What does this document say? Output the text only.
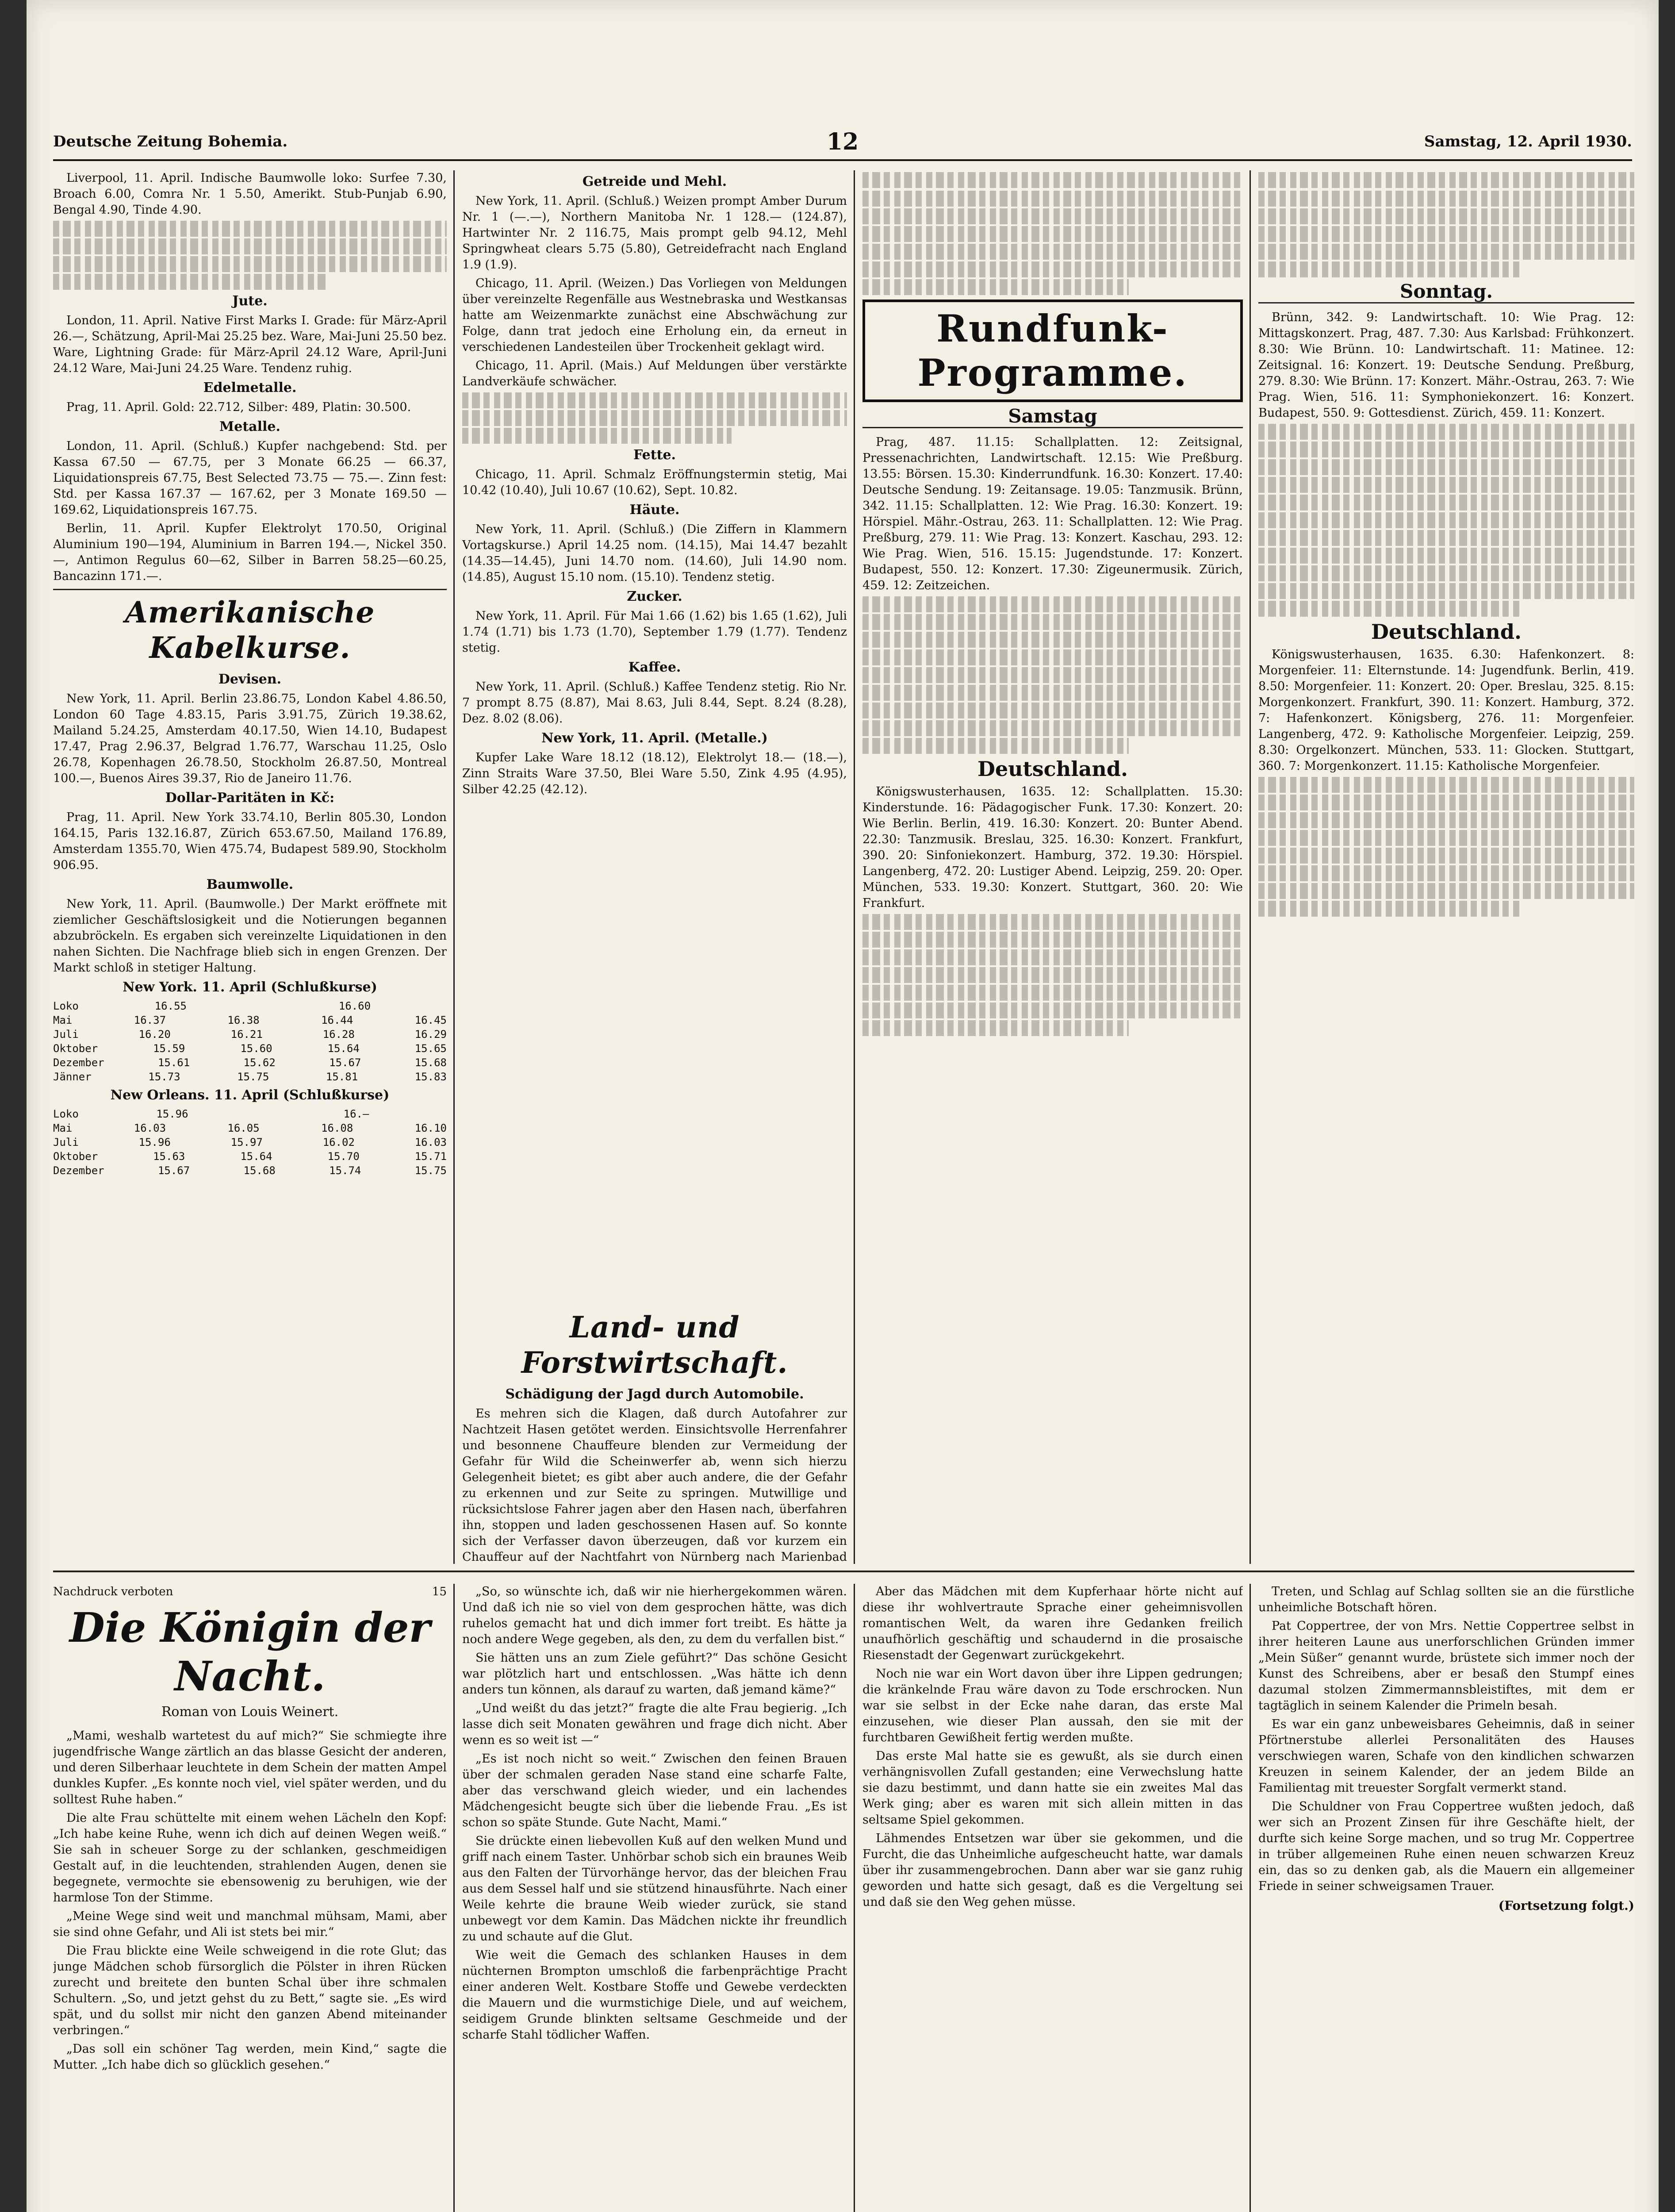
Deutsche Zeitung Bohemia.	12	Samstag, 12. April 1930.

Liverpool, 11. April. Indische Baumwolle loko: Surfee 7.30, Broach 6.00, Comra Nr. 1 5.50, Amerikt. Stub-Punjab 6.90, Bengal 4.90, Tinde 4.90.

Jute.

London, 11. April. Native First Marks I. Grade: für März-April 26.—, Schätzung, April-Mai 25.25 bez. Ware, Mai-Juni 25.50 bez. Ware, Lightning Grade: für März-April 24.12 Ware, April-Juni 24.12 Ware, Mai-Juni 24.25 Ware. Tendenz ruhig.

Edelmetalle.

Prag, 11. April. Gold: 22.712, Silber: 489, Platin: 30.500.

Metalle.

London, 11. April. (Schluß.) Kupfer nachgebend: Std. per Kassa 67.50 — 67.75, per 3 Monate 66.25 — 66.37, Liquidationspreis 67.75, Best Selected 73.75 — 75.—. Zinn fest: Std. per Kassa 167.37 — 167.62, per 3 Monate 169.50 — 169.62, Liquidationspreis 167.75.

Berlin, 11. April. Kupfer Elektrolyt 170.50, Original Aluminium 190—194, Aluminium in Barren 194.—, Nickel 350.—, Antimon Regulus 60—62, Silber in Barren 58.25—60.25, Bancazinn 171.—.

Amerikanische Kabelkurse.
Devisen.

New York, 11. April. Berlin 23.86.75, London Kabel 4.86.50, London 60 Tage 4.83.15, Paris 3.91.75, Zürich 19.38.62, Mailand 5.24.25, Amsterdam 40.17.50, Wien 14.10, Budapest 17.47, Prag 2.96.37, Belgrad 1.76.77, Warschau 11.25, Oslo 26.78, Kopenhagen 26.78.50, Stockholm 26.87.50, Montreal 100.—, Buenos Aires 39.37, Rio de Janeiro 11.76.

Dollar-Paritäten in Kč:

Prag, 11. April. New York 33.74.10, Berlin 805.30, London 164.15, Paris 132.16.87, Zürich 653.67.50, Mailand 176.89, Amsterdam 1355.70, Wien 475.74, Budapest 589.90, Stockholm 906.95.

Baumwolle.

New York, 11. April. (Baumwolle.) Der Markt eröffnete mit ziemlicher Geschäftslosigkeit und die Notierungen begannen abzubröckeln. Es ergaben sich vereinzelte Liquidationen in den nahen Sichten. Die Nachfrage blieb sich in engen Grenzen. Der Markt schloß in stetiger Haltung.

New York. 11. April (Schlußkurse)
Loko	16.55	16.60
Mai	16.37	16.38	16.44	16.45
Juli	16.20	16.21	16.28	16.29
Oktober	15.59	15.60	15.64	15.65
Dezember	15.61	15.62	15.67	15.68
Jänner	15.73	15.75	15.81	15.83
New Orleans. 11. April (Schlußkurse)
Loko	15.96	16.—
Mai	16.03	16.05	16.08	16.10
Juli	15.96	15.97	16.02	16.03
Oktober	15.63	15.64	15.70	15.71
Dezember	15.67	15.68	15.74	15.75
Getreide und Mehl.

New York, 11. April. (Schluß.) Weizen prompt Amber Durum Nr. 1 (—.—), Northern Manitoba Nr. 1 128.— (124.87), Hartwinter Nr. 2 116.75, Mais prompt gelb 94.12, Mehl Springwheat clears 5.75 (5.80), Getreidefracht nach England 1.9 (1.9).

Chicago, 11. April. (Weizen.) Das Vorliegen von Meldungen über vereinzelte Regenfälle aus Westnebraska und Westkansas hatte am Weizenmarkte zunächst eine Abschwächung zur Folge, dann trat jedoch eine Erholung ein, da erneut in verschiedenen Landesteilen über Trockenheit geklagt wird.

Chicago, 11. April. (Mais.) Auf Meldungen über verstärkte Landverkäufe schwächer.

Fette.

Chicago, 11. April. Schmalz Eröffnungstermin stetig, Mai 10.42 (10.40), Juli 10.67 (10.62), Sept. 10.82.

Häute.

New York, 11. April. (Schluß.) (Die Ziffern in Klammern Vortagskurse.) April 14.25 nom. (14.15), Mai 14.47 bezahlt (14.35—14.45), Juni 14.70 nom. (14.60), Juli 14.90 nom. (14.85), August 15.10 nom. (15.10). Tendenz stetig.

Zucker.

New York, 11. April. Für Mai 1.66 (1.62) bis 1.65 (1.62), Juli 1.74 (1.71) bis 1.73 (1.70), September 1.79 (1.77). Tendenz stetig.

Kaffee.

New York, 11. April. (Schluß.) Kaffee Tendenz stetig. Rio Nr. 7 prompt 8.75 (8.87), Mai 8.63, Juli 8.44, Sept. 8.24 (8.28), Dez. 8.02 (8.06).

New York, 11. April. (Metalle.)

Kupfer Lake Ware 18.12 (18.12), Elektrolyt 18.— (18.—), Zinn Straits Ware 37.50, Blei Ware 5.50, Zink 4.95 (4.95), Silber 42.25 (42.12).

Land- und Forstwirtschaft.
Schädigung der Jagd durch Automobile.

Es mehren sich die Klagen, daß durch Autofahrer zur Nachtzeit Hasen getötet werden. Einsichtsvolle Herrenfahrer und besonnene Chauffeure blenden zur Vermeidung der Gefahr für Wild die Scheinwerfer ab, wenn sich hierzu Gelegenheit bietet; es gibt aber auch andere, die der Gefahr zu erkennen und zur Seite zu springen. Mutwillige und rücksichtslose Fahrer jagen aber den Hasen nach, überfahren ihn, stoppen und laden geschossenen Hasen auf. So konnte sich der Verfasser davon überzeugen, daß vor kurzem ein Chauffeur auf der Nachtfahrt von Nürnberg nach Marienbad

Rundfunk-Programme.
Samstag

Prag, 487. 11.15: Schallplatten. 12: Zeitsignal, Pressenachrichten, Landwirtschaft. 12.15: Wie Preßburg. 13.55: Börsen. 15.30: Kinderrundfunk. 16.30: Konzert. 17.40: Deutsche Sendung. 19: Zeitansage. 19.05: Tanzmusik. Brünn, 342. 11.15: Schallplatten. 12: Wie Prag. 16.30: Konzert. 19: Hörspiel. Mähr.-Ostrau, 263. 11: Schallplatten. 12: Wie Prag. Preßburg, 279. 11: Wie Prag. 13: Konzert. Kaschau, 293. 12: Wie Prag. Wien, 516. 15.15: Jugendstunde. 17: Konzert. Budapest, 550. 12: Konzert. 17.30: Zigeunermusik. Zürich, 459. 12: Zeitzeichen.

Deutschland.

Königswusterhausen, 1635. 12: Schallplatten. 15.30: Kinderstunde. 16: Pädagogischer Funk. 17.30: Konzert. 20: Wie Berlin. Berlin, 419. 16.30: Konzert. 20: Bunter Abend. 22.30: Tanzmusik. Breslau, 325. 16.30: Konzert. Frankfurt, 390. 20: Sinfoniekonzert. Hamburg, 372. 19.30: Hörspiel. Langenberg, 472. 20: Lustiger Abend. Leipzig, 259. 20: Oper. München, 533. 19.30: Konzert. Stuttgart, 360. 20: Wie Frankfurt.

Sonntag.

Brünn, 342. 9: Landwirtschaft. 10: Wie Prag. 12: Mittagskonzert. Prag, 487. 7.30: Aus Karlsbad: Frühkonzert. 8.30: Wie Brünn. 10: Landwirtschaft. 11: Matinee. 12: Zeitsignal. 16: Konzert. 19: Deutsche Sendung. Preßburg, 279. 8.30: Wie Brünn. 17: Konzert. Mähr.-Ostrau, 263. 7: Wie Prag. Wien, 516. 11: Symphoniekonzert. 16: Konzert. Budapest, 550. 9: Gottesdienst. Zürich, 459. 11: Konzert.

Deutschland.

Königswusterhausen, 1635. 6.30: Hafenkonzert. 8: Morgenfeier. 11: Elternstunde. 14: Jugendfunk. Berlin, 419. 8.50: Morgenfeier. 11: Konzert. 20: Oper. Breslau, 325. 8.15: Morgenkonzert. Frankfurt, 390. 11: Konzert. Hamburg, 372. 7: Hafenkonzert. Königsberg, 276. 11: Morgenfeier. Langenberg, 472. 9: Katholische Morgenfeier. Leipzig, 259. 8.30: Orgelkonzert. München, 533. 11: Glocken. Stuttgart, 360. 7: Morgenkonzert. 11.15: Katholische Morgenfeier.

Nachdruck verboten	15
Die Königin der Nacht.
Roman von Louis Weinert.

„Mami, weshalb wartetest du auf mich?“ Sie schmiegte ihre jugendfrische Wange zärtlich an das blasse Gesicht der anderen, und deren Silberhaar leuchtete in dem Schein der matten Ampel dunkles Kupfer. „Es konnte noch viel, viel später werden, und du solltest Ruhe haben.“

Die alte Frau schüttelte mit einem wehen Lächeln den Kopf: „Ich habe keine Ruhe, wenn ich dich auf deinen Wegen weiß.“ Sie sah in scheuer Sorge zu der schlanken, geschmeidigen Gestalt auf, in die leuchtenden, strahlenden Augen, denen sie begegnete, vermochte sie ebensowenig zu beruhigen, wie der harmlose Ton der Stimme.

„Meine Wege sind weit und manchmal mühsam, Mami, aber sie sind ohne Gefahr, und Ali ist stets bei mir.“

Die Frau blickte eine Weile schweigend in die rote Glut; das junge Mädchen schob fürsorglich die Pölster in ihren Rücken zurecht und breitete den bunten Schal über ihre schmalen Schultern. „So, und jetzt gehst du zu Bett,“ sagte sie. „Es wird spät, und du sollst mir nicht den ganzen Abend miteinander verbringen.“

„Das soll ein schöner Tag werden, mein Kind,“ sagte die Mutter. „Ich habe dich so glücklich gesehen.“

„So, so wünschte ich, daß wir nie hierhergekommen wären. Und daß ich nie so viel von dem gesprochen hätte, was dich ruhelos gemacht hat und dich immer fort treibt. Es hätte ja noch andere Wege gegeben, als den, zu dem du verfallen bist.“

Sie hätten uns an zum Ziele geführt?“ Das schöne Gesicht war plötzlich hart und entschlossen. „Was hätte ich denn anders tun können, als darauf zu warten, daß jemand käme?“

„Und weißt du das jetzt?“ fragte die alte Frau begierig. „Ich lasse dich seit Monaten gewähren und frage dich nicht. Aber wenn es so weit ist —“

„Es ist noch nicht so weit.“ Zwischen den feinen Brauen über der schmalen geraden Nase stand eine scharfe Falte, aber das verschwand gleich wieder, und ein lachendes Mädchengesicht beugte sich über die liebende Frau. „Es ist schon so späte Stunde. Gute Nacht, Mami.“

Sie drückte einen liebevollen Kuß auf den welken Mund und griff nach einem Taster. Unhörbar schob sich ein braunes Weib aus den Falten der Türvorhänge hervor, das der bleichen Frau aus dem Sessel half und sie stützend hinausführte. Nach einer Weile kehrte die braune Weib wieder zurück, sie stand unbewegt vor dem Kamin. Das Mädchen nickte ihr freundlich zu und schaute auf die Glut.

Wie weit die Gemach des schlanken Hauses in dem nüchternen Brompton umschloß die farbenprächtige Pracht einer anderen Welt. Kostbare Stoffe und Gewebe verdeckten die Mauern und die wurmstichige Diele, und auf weichem, seidigem Grunde blinkten seltsame Geschmeide und der scharfe Stahl tödlicher Waffen.

Aber das Mädchen mit dem Kupferhaar hörte nicht auf diese ihr wohlvertraute Sprache einer geheimnisvollen romantischen Welt, da waren ihre Gedanken freilich unaufhörlich geschäftig und schaudernd in die prosaische Riesenstadt der Gegenwart zurückgekehrt.

Noch nie war ein Wort davon über ihre Lippen gedrungen; die kränkelnde Frau wäre davon zu Tode erschrocken. Nun war sie selbst in der Ecke nahe daran, das erste Mal einzusehen, wie dieser Plan aussah, den sie mit der furchtbaren Gewißheit fertig werden mußte.

Das erste Mal hatte sie es gewußt, als sie durch einen verhängnisvollen Zufall gestanden; eine Verwechslung hatte sie dazu bestimmt, und dann hatte sie ein zweites Mal das Werk ging; aber es waren mit sich allein mitten in das seltsame Spiel gekommen.

Lähmendes Entsetzen war über sie gekommen, und die Furcht, die das Unheimliche aufgescheucht hatte, war damals über ihr zusammengebrochen. Dann aber war sie ganz ruhig geworden und hatte sich gesagt, daß es die Vergeltung sei und daß sie den Weg gehen müsse.

Treten, und Schlag auf Schlag sollten sie an die fürstliche unheimliche Botschaft hören.

Pat Coppertree, der von Mrs. Nettie Coppertree selbst in ihrer heiteren Laune aus unerforschlichen Gründen immer „Mein Süßer“ genannt wurde, brüstete sich immer noch der Kunst des Schreibens, aber er besaß den Stumpf eines dazumal stolzen Zimmermannsbleistiftes, mit dem er tagtäglich in seinem Kalender die Primeln besah.

Es war ein ganz unbeweisbares Geheimnis, daß in seiner Pförtnerstube allerlei Personalitäten des Hauses verschwiegen waren, Schafe von den kindlichen schwarzen Kreuzen in seinem Kalender, der an jedem Bilde an Familientag mit treuester Sorgfalt vermerkt stand.

Die Schuldner von Frau Coppertree wußten jedoch, daß wer sich an Prozent Zinsen für ihre Geschäfte hielt, der durfte sich keine Sorge machen, und so trug Mr. Coppertree in trüber allgemeinen Ruhe einen neuen schwarzen Kreuz ein, das so zu denken gab, als die Mauern ein allgemeiner Friede in seiner schweigsamen Trauer.

(Fortsetzung folgt.)
